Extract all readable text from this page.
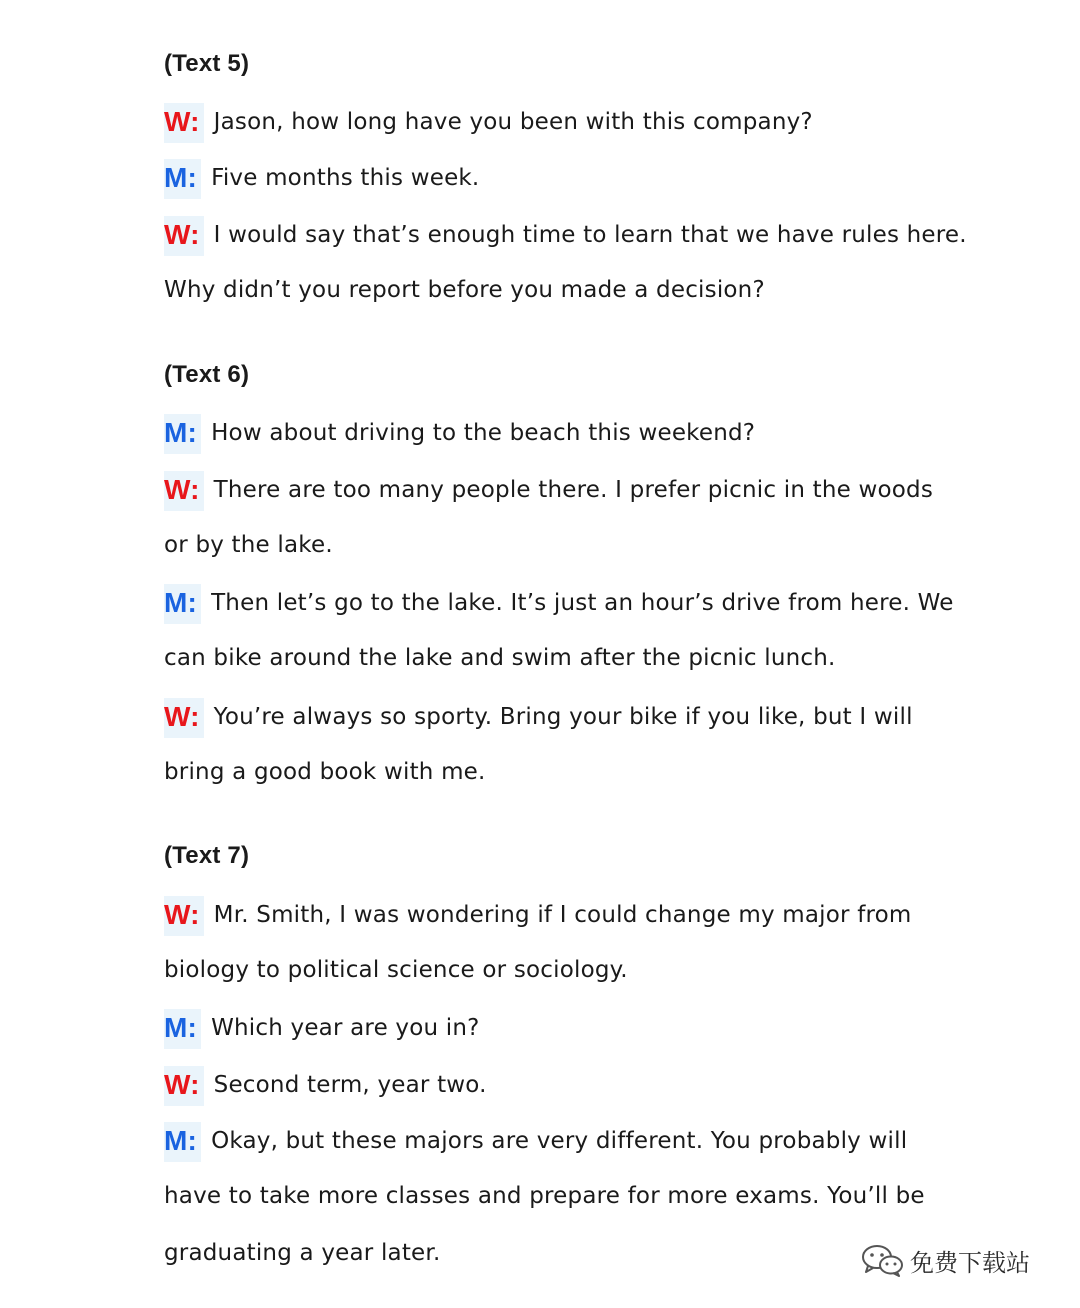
(Text 5)
W: Jason, how long have you been with this company?
M: Five months this week.
W: I would say that’s enough time to learn that we have rules here.
Why didn’t you report before you made a decision?
(Text 6)
M: How about driving to the beach this weekend?
W: There are too many people there. I prefer picnic in the woods
or by the lake.
M: Then let’s go to the lake. It’s just an hour’s drive from here. We
can bike around the lake and swim after the picnic lunch.
W: You’re always so sporty. Bring your bike if you like, but I will
bring a good book with me.
(Text 7)
W: Mr. Smith, I was wondering if I could change my major from
biology to political science or sociology.
M: Which year are you in?
W: Second term, year two.
M: Okay, but these majors are very different. You probably will
have to take more classes and prepare for more exams. You’ll be
graduating a year later.	免费下载站
